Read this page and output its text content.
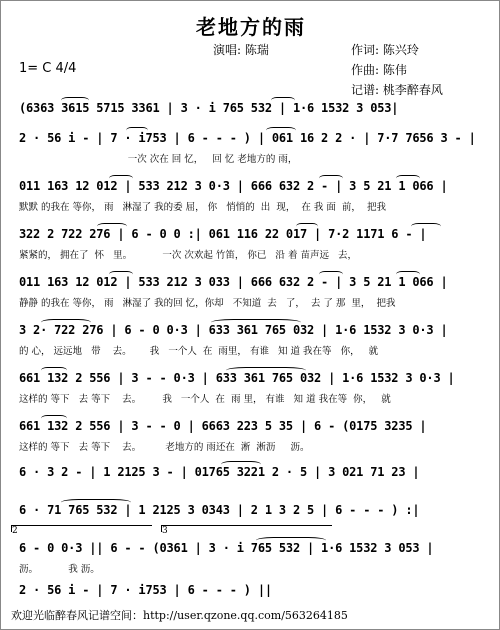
老地方的雨
演唱: 陈瑞	作词: 陈兴玲
作曲: 陈伟
记谱: 桃李醉春风
1= C 4/4
(6363 3615 5715 3361 | 3 · i 765 532 | 1·6 1532 3 053|
2 · 56 i - | 7 · i753 | 6 - - - ) | 061 16 2 2 · | 7·7 7656 3 - |
一次 次在 回 忆，   回 忆 老地方的 雨，
011 163 12 012 | 533 212 3 0·3 | 666 632 2 - | 3 5 21 1 066 |
默默 的我在 等你， 雨   淋湿了 我的委 屈， 你   悄悄的  出  现，  在 我 面  前，  把我
322 2 722 276 | 6 - 0 0 :| 061 116 22 017 | 7·2 1171 6 - |
紧紧的， 拥在了  怀   里。          一次 次欢起 竹笛， 你已   沿 着 苗声远   去，
011 163 12 012 | 533 212 3 033 | 666 632 2 - | 3 5 21 1 066 |
静静 的我在 等你， 雨   淋湿了 我的回 忆，你却   不知道  去   了，  去 了 那  里，  把我
3 2· 722 276 | 6 - 0 0·3 | 633 361 765 032 | 1·6 1532 3 0·3 |
的 心， 远远地   带    去。      我   一个人  在  雨里， 有谁   知 道 我在等   你，   就
661 132 2 556 | 3 - - 0·3 | 633 361 765 032 | 1·6 1532 3 0·3 |
这样的 等下   去 等下    去。       我   一个人  在  雨 里， 有谁   知 道 我在等  你，   就
661 132 2 556 | 3 - - 0 | 6663 223 5 35 | 6 - (0175 3235 |
这样的 等下   去 等下    去。        老地方的 雨还在  淅  淅沥     沥。
6 · 3 2 - | 1 2125 3 - | 01765 3221 2 · 5 | 3 021 71 23 |
6 · 71 765 532 | 1 2125 3 0343 | 2 1 3 2 5 | 6 - - - ) :|
2	3
6 - 0 0·3 || 6 - - (0361 | 3 · i 765 532 | 1·6 1532 3 053 |
沥。          我 沥。
2 · 56 i - | 7 · i753 | 6 - - - ) ||
欢迎光临醉春风记谱空间：http://user.qzone.qq.com/563264185
